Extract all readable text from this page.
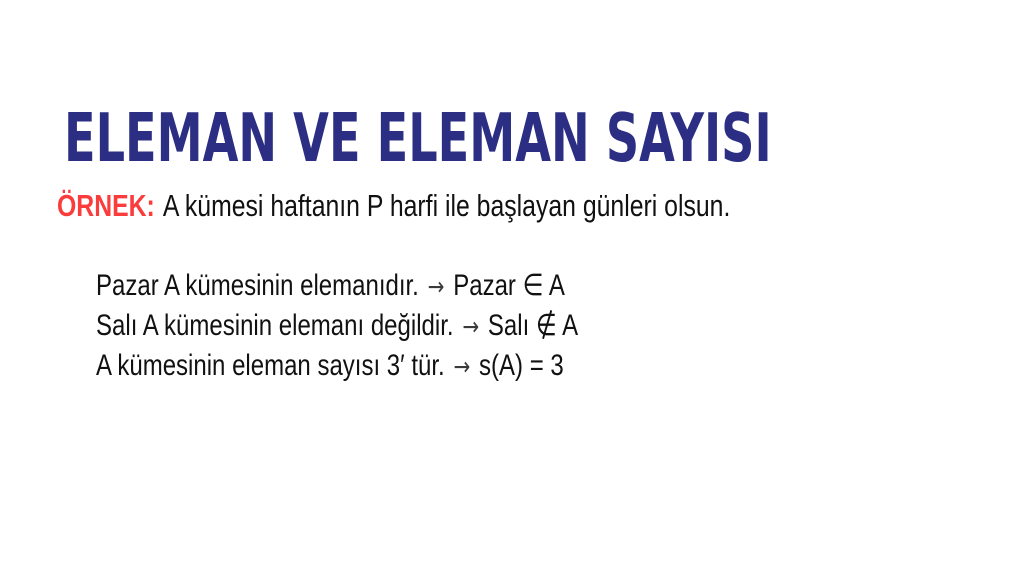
ELEMAN VE ELEMAN SAYISI
ÖRNEK: A kümesi haftanın P harfi ile başlayan günleri olsun.
Pazar A kümesinin elemanıdır. → Pazar ∈ A
Salı A kümesinin elemanı değildir. → Salı ∉ A
A kümesinin eleman sayısı 3′ tür. → s(A) = 3
